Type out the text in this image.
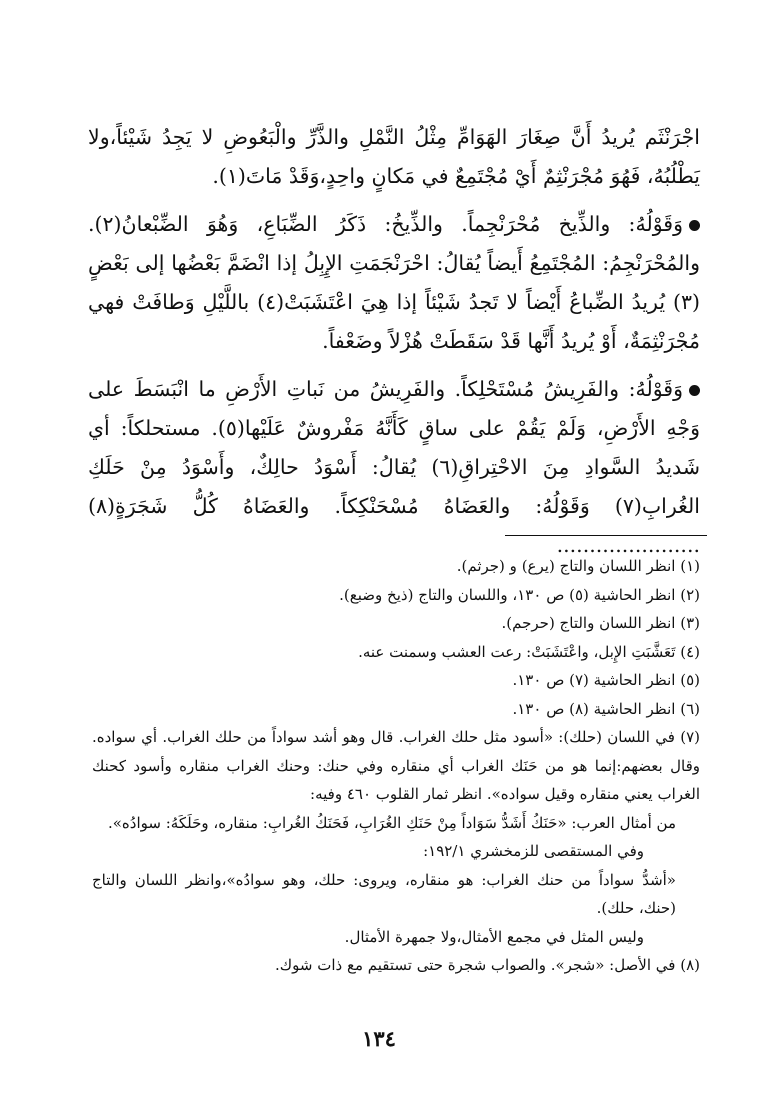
اجْرَنْثَم يُريدُ أَنَّ صِغَارَ الهَوَامِّ مِثْلُ النَّمْلِ والذَّرِّ والْبَعُوضِ لا يَجِدُ شَيْئاً،ولا يَطْلُبُهُ، فَهُوَ مُجْرَنْثِمٌ أَيْ مُجْتَمِعٌ في مَكانٍ واحِدٍ،وَقَدْ مَاتَ(١).

وَقَوْلُهُ: والذِّيخ مُحْرَنْجِماً. والذِّيخُ: ذَكَرُ الضِّبَاعِ، وَهُوَ الضِّبْعانُ(٢). والمُحْرَنْجِمُ: المُجْتَمِعُ أَيضاً يُقالُ: احْرَنْجَمَتِ الإِبِلُ إذا انْضَمَّ بَعْضُها إلى بَعْضٍ (٣) يُريدُ الضِّباعُ أَيْضاً لا تَجدُ شَيْئاً إذا هِيَ اعْتَشَبَتْ(٤) باللَّيْلِ وَطافَتْ فهي مُجْرَنْثِمَةٌ، أَوْ يُريدُ أَنَّها قَدْ سَقَطَتْ هُزْلاً وضَعْفاً.

وَقَوْلُهُ: والفَرِيشُ مُسْتَحْلِكاً. والفَرِيشُ من نَباتِ الأَرْضِ ما انْبَسَطَ على وَجْهِ الأَرْضِ، وَلَمْ يَقُمْ على ساقٍ كَأَنَّهُ مَفْروشٌ عَلَيْها(٥). مستحلكاً: أي شَديدُ السَّوادِ مِنَ الاحْتِراقِ(٦) يُقالُ: أَسْوَدُ حالِكٌ، وأَسْوَدُ مِنْ حَلَكِ الغُرابِ(٧) وَقَوْلُهُ: والعَضَاهُ مُسْحَنْكِكاً. والعَضَاهُ كُلُّ شَجَرَةٍ(٨) ......................

(١) انظر اللسان والتاج (يرع) و (جرثم).

(٢) انظر الحاشية (٥) ص ١٣٠، واللسان والتاج (ذيخ وضبع).

(٣) انظر اللسان والتاج (حرجم).

(٤) تَعَشَّبَتِ الإِبل، واعْتَشَبَتْ: رعت العشب وسمنت عنه.

(٥) انظر الحاشية (٧) ص ١٣٠.

(٦) انظر الحاشية (٨) ص ١٣٠.

(٧) في اللسان (حلك): «أسود مثل حلك الغراب. قال وهو أشد سواداً من حلك الغراب. أي سواده. وقال بعضهم:إنما هو من حَنَك الغراب أي منقاره وفي حنك: وحنك الغراب منقاره وأسود كحنك الغراب يعني منقاره وقيل سواده». انظر ثمار القلوب ٤٦٠ وفيه:

من أمثال العرب: «حَنَكُ أَشَدُّ سَوَاداً مِنْ حَنَكِ الغُرَابِ، فَحَنَكُ الغُرابِ: منقاره، وحَلَكَهُ: سوادُه».

وفي المستقصى للزمخشري ١٩٢/١:

«أشدُّ سواداً من حنك الغراب: هو منقاره، ويروى: حلك، وهو سوادُه»،وانظر اللسان والتاج (حنك، حلك).

وليس المثل في مجمع الأمثال،ولا جمهرة الأمثال.

(٨) في الأصل: «شجر». والصواب شجرة حتى تستقيم مع ذات شوك.

١٣٤
